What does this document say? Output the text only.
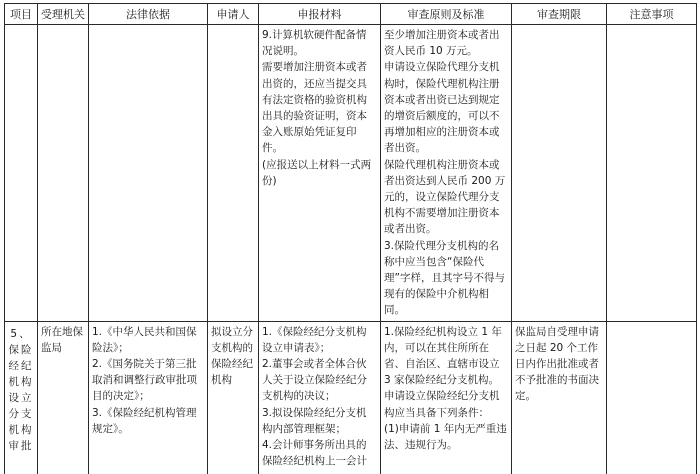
项目	受理机关	法律依据	申请人	申报材料	审查原则及标准	审查期限	注意事项

				9.计算机软硬件配备情况说明。
需要增加注册资本或者出资的，还应当提交具有法定资格的验资机构出具的验资证明，资本金入账原始凭证复印件。
(应报送以上材料一式两份)	至少增加注册资本或者出资人民币 10 万元。
申请设立保险代理分支机构时，保险代理机构注册资本或者出资已达到规定的增资后额度的，可以不再增加相应的注册资本或者出资。
保险代理机构注册资本或者出资达到人民币 200 万元的，设立保险代理分支机构不需要增加注册资本或者出资。
3.保险代理分支机构的名称中应当包含“保险代理”字样，且其字号不得与现有的保险中介机构相同。		

5、保险经纪机构设立分支机构审批	所在地保监局	1.《中华人民共和国保险法》；
2.《国务院关于第三批取消和调整行政审批项目的决定》；
3.《保险经纪机构管理规定》。	拟设立分支机构的保险经纪机构	1.《保险经纪分支机构设立申请表》；
2.董事会或者全体合伙人关于设立保险经纪分支机构的决议；
3.拟设保险经纪分支机构内部管理框架；
4.会计师事务所出具的保险经纪机构上一会计	1.保险经纪机构设立 1 年内，可以在其住所所在省、自治区、直辖市设立 3 家保险经纪分支机构。申请设立保险经纪分支机构应当具备下列条件：
(1)申请前 1 年内无严重违法、违规行为。	保监局自受理申请之日起 20 个工作日内作出批准或者不予批准的书面决定。	
